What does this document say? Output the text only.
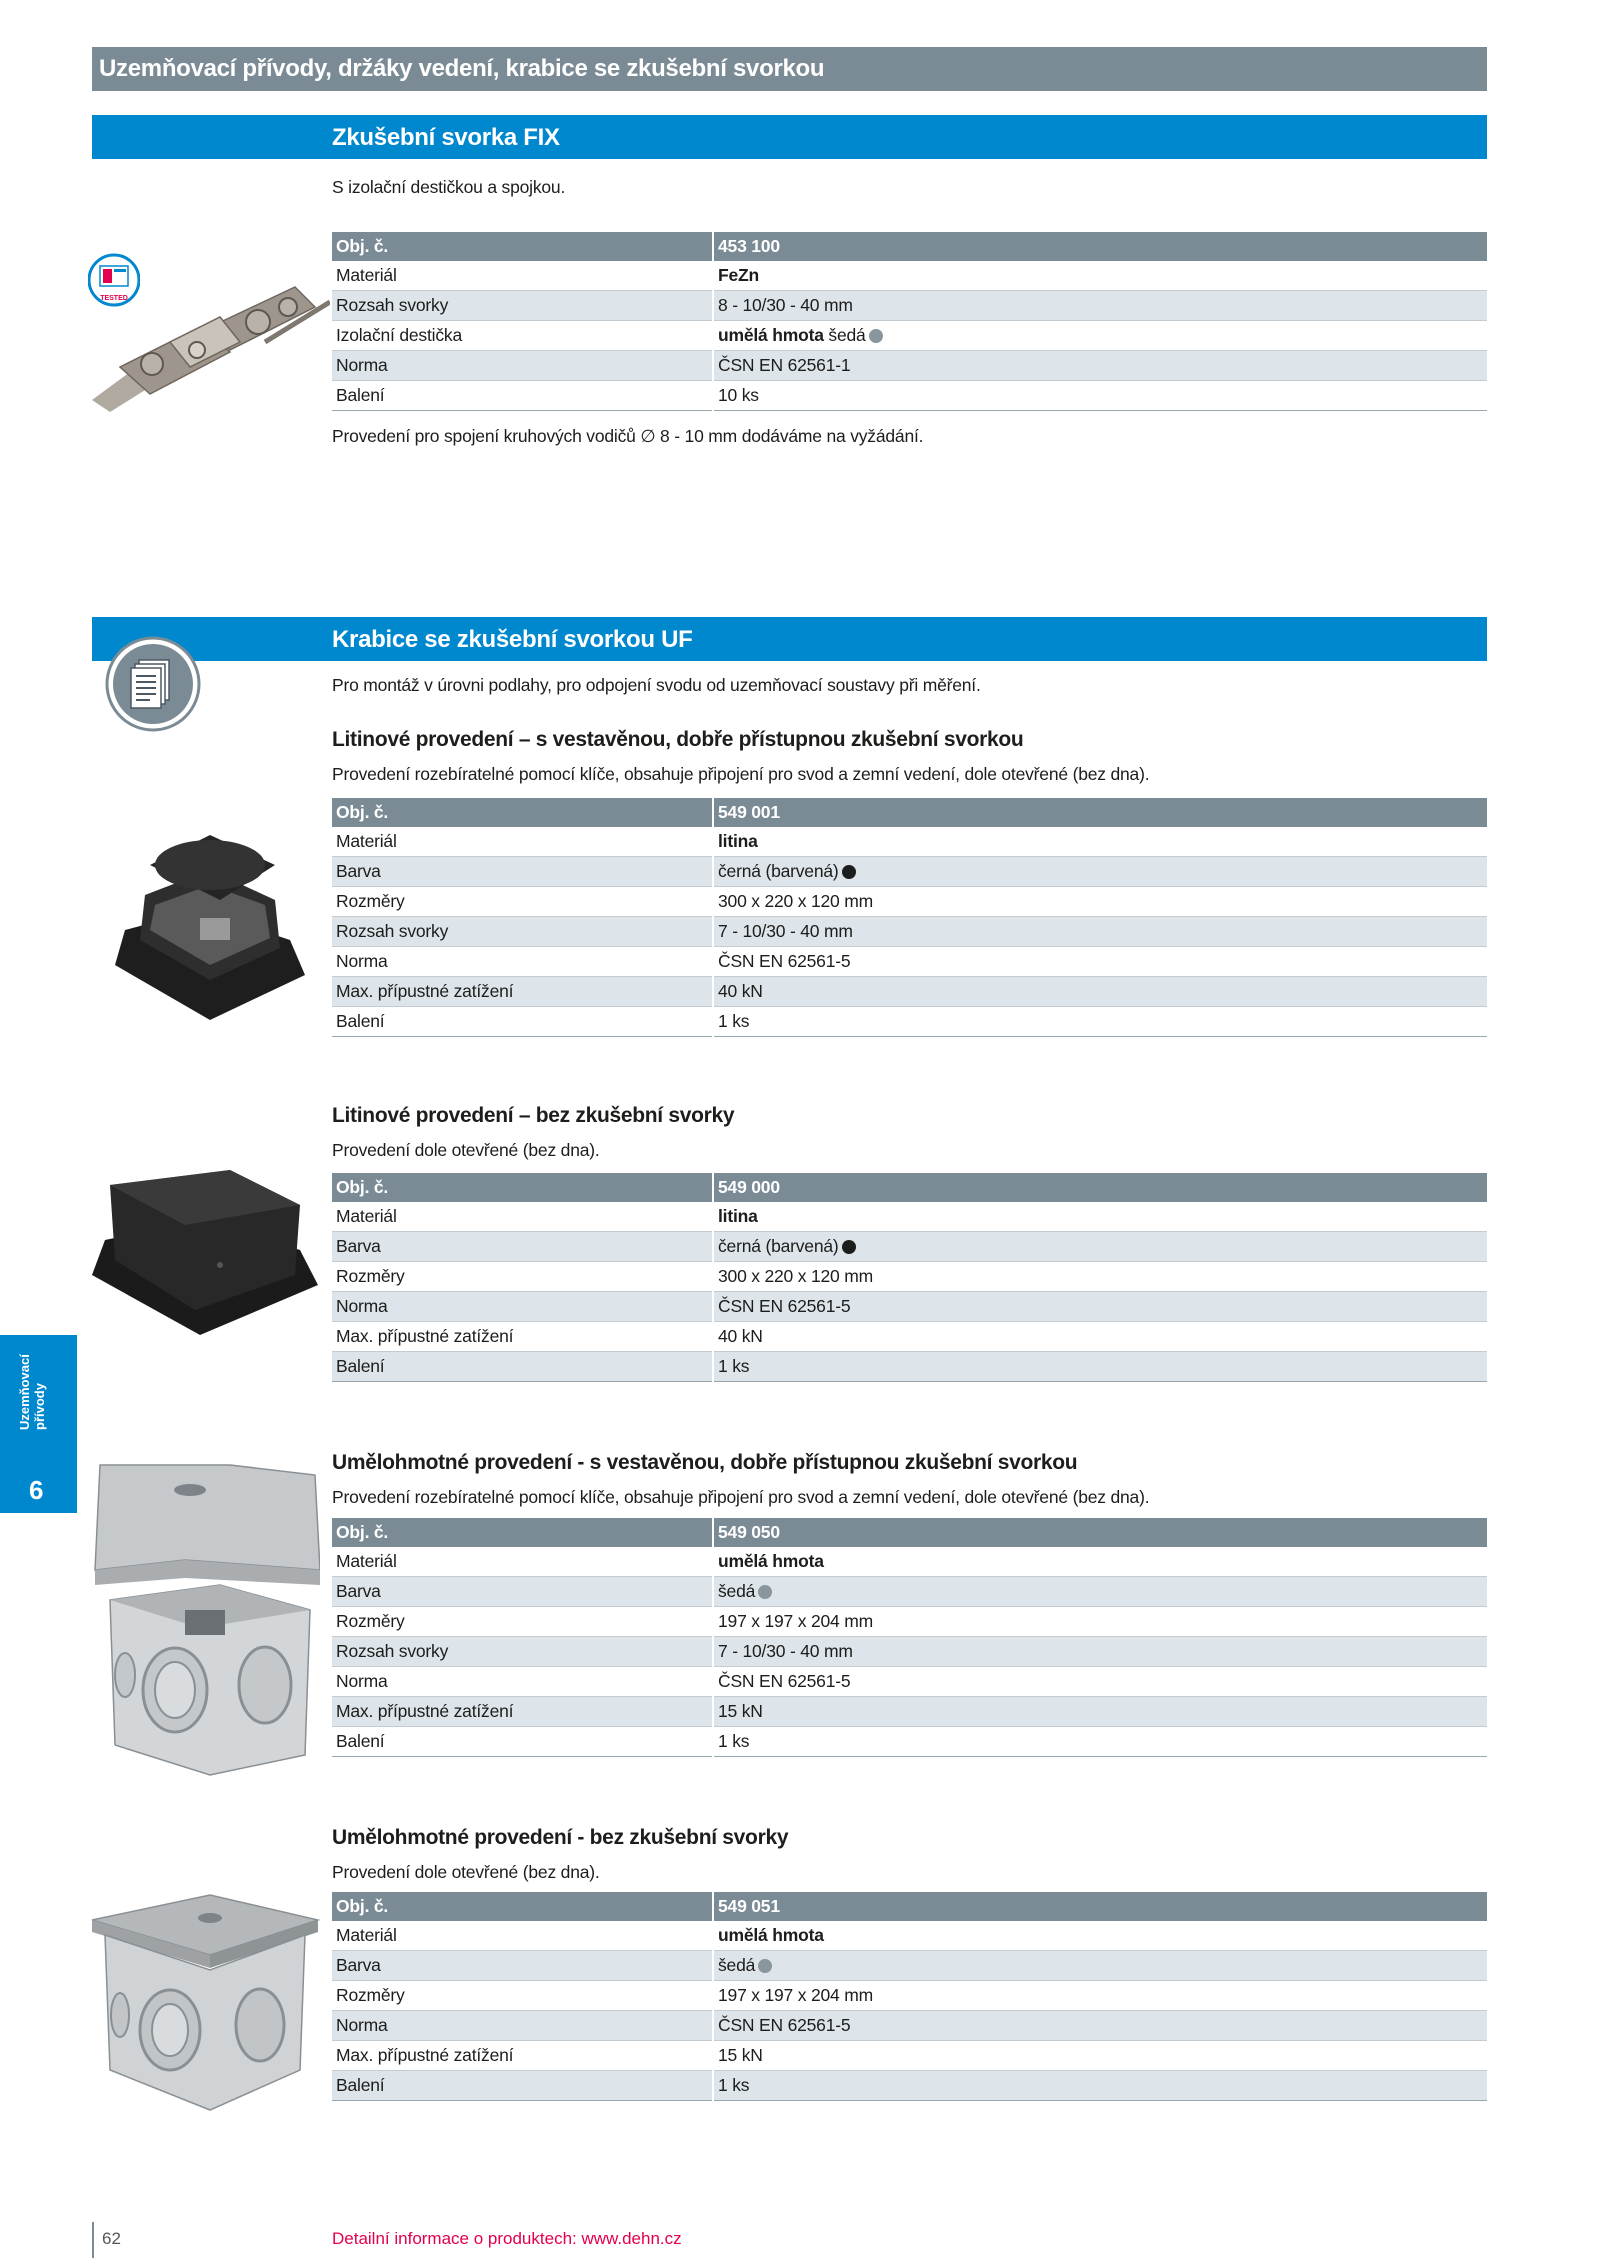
Uzemňovací přívody, držáky vedení, krabice se zkušební svorkou
Zkušební svorka FIX
S izolační destičkou a spojkou.
TESTED
Obj. č.	453 100
Materiál	FeZn
Rozsah svorky	8 - 10/30 - 40 mm
Izolační destička	umělá hmota šedá
Norma	ČSN EN 62561-1
Balení	10 ks
Provedení pro spojení kruhových vodičů ∅ 8 - 10 mm dodáváme na vyžádání.
Krabice se zkušební svorkou UF
Pro montáž v úrovni podlahy, pro odpojení svodu od uzemňovací soustavy při měření.
Litinové provedení – s vestavěnou, dobře přístupnou zkušební svorkou
Provedení rozebíratelné pomocí klíče, obsahuje připojení pro svod a zemní vedení, dole otevřené (bez dna).
Obj. č.	549 001
Materiál	litina
Barva	černá (barvená)
Rozměry	300 x 220 x 120 mm
Rozsah svorky	7 - 10/30 - 40 mm
Norma	ČSN EN 62561-5
Max. přípustné zatížení	40 kN
Balení	1 ks
Litinové provedení – bez zkušební svorky
Provedení dole otevřené (bez dna).
Obj. č.	549 000
Materiál	litina
Barva	černá (barvená)
Rozměry	300 x 220 x 120 mm
Norma	ČSN EN 62561-5
Max. přípustné zatížení	40 kN
Balení	1 ks
Uzemňovací
přívody
6
Umělohmotné provedení - s vestavěnou, dobře přístupnou zkušební svorkou
Provedení rozebíratelné pomocí klíče, obsahuje připojení pro svod a zemní vedení, dole otevřené (bez dna).
Obj. č.	549 050
Materiál	umělá hmota
Barva	šedá
Rozměry	197 x 197 x 204 mm
Rozsah svorky	7 - 10/30 - 40 mm
Norma	ČSN EN 62561-5
Max. přípustné zatížení	15 kN
Balení	1 ks
Umělohmotné provedení - bez zkušební svorky
Provedení dole otevřené (bez dna).
Obj. č.	549 051
Materiál	umělá hmota
Barva	šedá
Rozměry	197 x 197 x 204 mm
Norma	ČSN EN 62561-5
Max. přípustné zatížení	15 kN
Balení	1 ks
62	Detailní informace o produktech: www.dehn.cz
